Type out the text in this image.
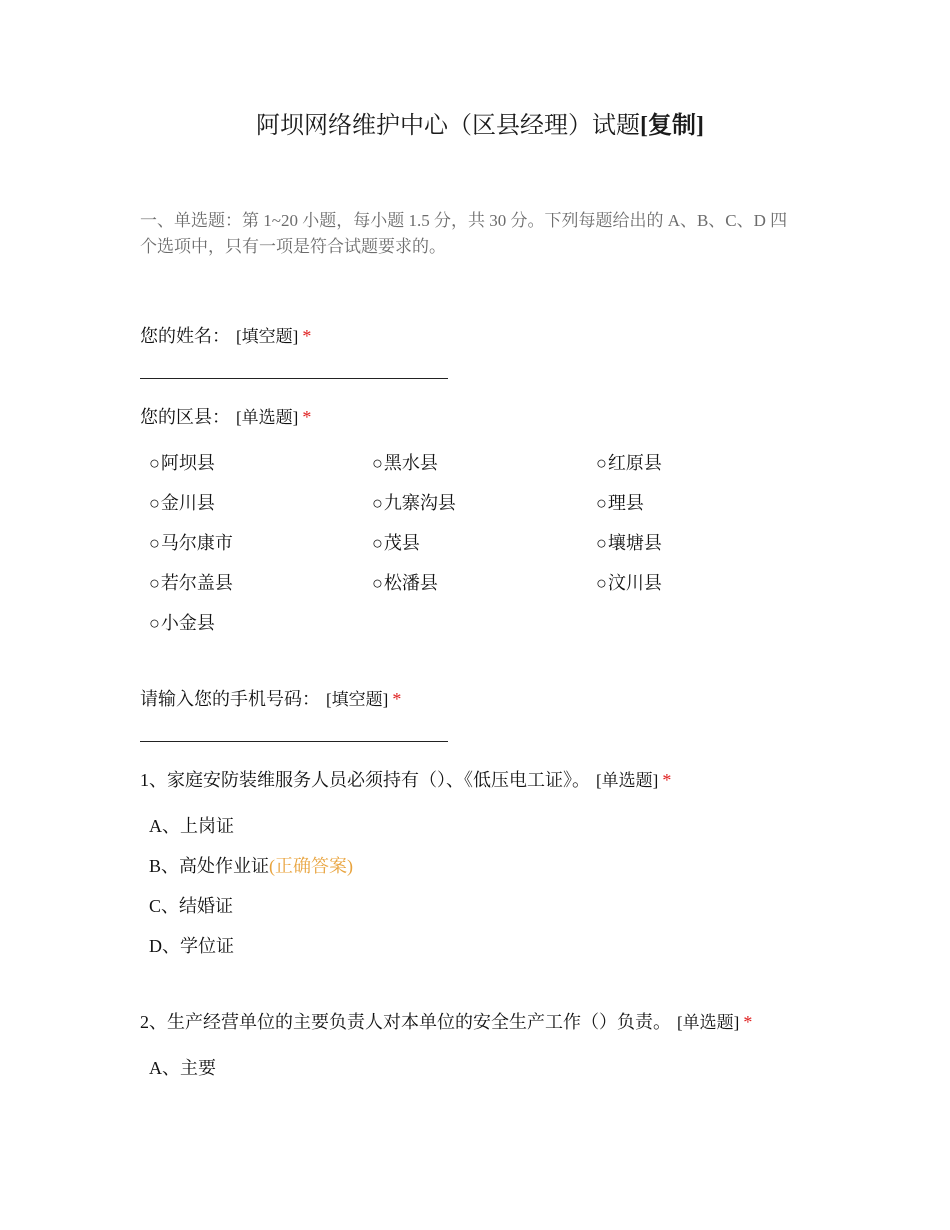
阿坝网络维护中心（区县经理）试题[复制]
一、单选题：第 1~20 小题，每小题 1.5 分，共 30 分。下列每题给出的 A、B、C、D 四个选项中，只有一项是符合试题要求的。
您的姓名： [填空题] *
您的区县： [单选题] *
○阿坝县	○黑水县	○红原县
○金川县	○九寨沟县	○理县
○马尔康市	○茂县	○壤塘县
○若尔盖县	○松潘县	○汶川县
○小金县
请输入您的手机号码： [填空题] *
1、家庭安防装维服务人员必须持有（）、《低压电工证》。 [单选题] *
A、上岗证
B、高处作业证(正确答案)
C、结婚证
D、学位证
2、生产经营单位的主要负责人对本单位的安全生产工作（）负责。 [单选题] *
A、主要
